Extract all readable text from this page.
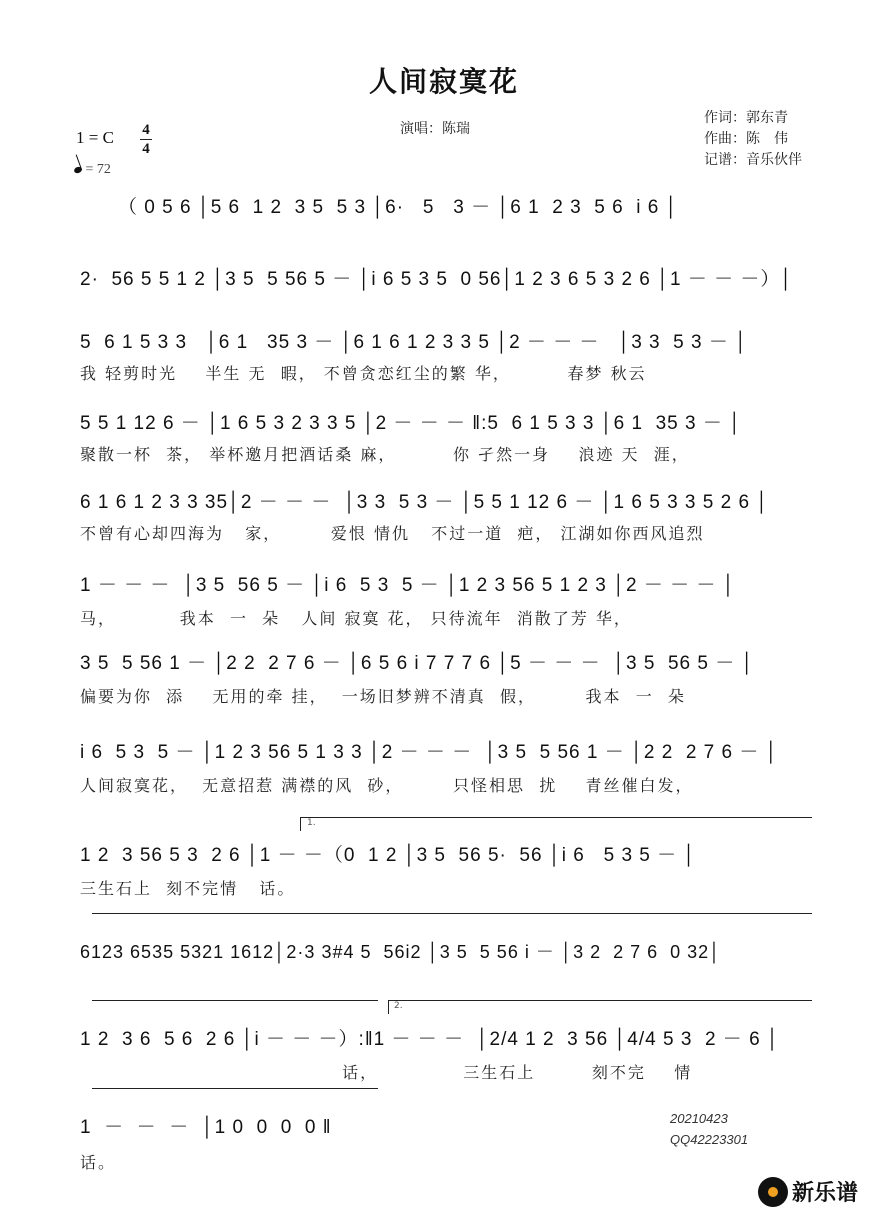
人间寂寞花
演唱：陈瑞
作词：郭东青
作曲：陈　伟
记谱：音乐伙伴
1 = C 4
4
= 72
（ 0 5 6 │5 6  1 2  3 5  5 3 │6·   5   3 － │6 1  2 3  5 6  i 6 │
2·  56 5 5 1 2 │3 5  5 56 5 － │i 6 5 3 5  0 56│1 2 3 6 5 3 2 6 │1 － － －）│
5  6 1 5 3 3   │6 1   35 3 － │6 1 6 1 2 3 3 5 │2 － － －   │3 3  5 3 － │
我 轻剪时光    半生 无  暇， 不曾贪恋红尘的繁 华，        春梦 秋云
5 5 1 12 6 － │1 6 5 3 2 3 3 5 │2 － － － ‖:5  6 1 5 3 3 │6 1  35 3 － │
聚散一杯  茶， 举杯邀月把酒话桑 麻，        你 孑然一身    浪迹 天  涯，
6 1 6 1 2 3 3 35│2 － － －  │3 3  5 3 － │5 5 1 12 6 － │1 6 5 3 3 5 2 6 │
不曾有心却四海为   家，       爱恨 情仇   不过一道  疤， 江湖如你西风追烈
1 － － －  │3 5  56 5 － │i 6  5 3  5 － │1 2 3 56 5 1 2 3 │2 － － － │
马，         我本  一  朵   人间 寂寞 花， 只待流年  消散了芳 华，
3 5  5 56 1 － │2 2  2 7 6 － │6 5 6 i 7 7 7 6 │5 － － －  │3 5  56 5 － │
偏要为你  添    无用的牵 挂，  一场旧梦辨不清真  假，       我本  一  朵
i 6  5 3  5 － │1 2 3 56 5 1 3 3 │2 － － －  │3 5  5 56 1 － │2 2  2 7 6 － │
人间寂寞花，  无意招惹 满襟的风  砂，       只怪相思  扰    青丝催白发，
1.
1 2  3 56 5 3  2 6 │1 － －（0  1 2 │3 5  56 5·  56 │i 6   5 3 5 － │
三生石上  刻不完情   话。
6123 6535 5321 1612│2·3 3#4 5  56i2 │3 5  5 56 i － │3 2  2 7 6  0 32│
2.
1 2  3 6  5 6  2 6 │i － － －）:‖1 － － －  │2/4 1 2  3 56 │4/4 5 3  2 － 6 │
话，            三生石上        刻不完    情
1  －  －  －  │1 0  0  0  0 ‖
话。
20210423
QQ42223301
新乐谱
